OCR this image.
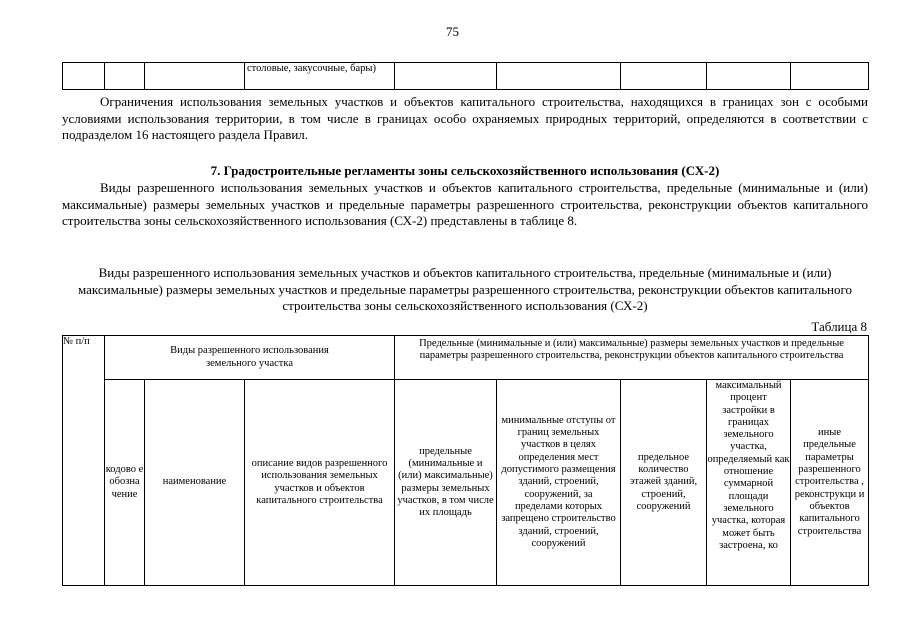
75
			столовые, закусочные, бары)					
Ограничения использования земельных участков и объектов капитального строительства, находящихся в границах зон с особыми условиями использования территории, в том числе в границах особо охраняемых природных территорий, определяются в соответствии с подразделом 16 настоящего раздела Правил.
7. Градостроительные регламенты зоны сельскохозяйственного использования (СХ-2)
Виды разрешенного использования земельных участков и объектов капитального строительства, предельные (минимальные и (или) максимальные) размеры земельных участков и предельные параметры разрешенного строительства, реконструкции объектов капитального строительства зоны сельскохозяйственного использования (СХ-2) представлены в таблице 8.
Виды разрешенного использования земельных участков и объектов капитального строительства, предельные (минимальные и (или) максимальные) размеры земельных участков и предельные параметры разрешенного строительства, реконструкции объектов капитального строительства зоны сельскохозяйственного использования (СХ-2)
Таблица 8
№ п/п	Виды разрешенного использования земельного участка			Предельные (минимальные и (или) максимальные) размеры земельных участков и предельные параметры разрешенного строительства, реконструкции объектов капитального строительства				
	кодово е обозна чение	наименование	описание видов разрешенного использования земельных участков и объектов капитального строительства	предельные (минимальные и (или) максимальные) размеры земельных участков, в том числе их площадь	минимальные отступы от границ земельных участков в целях определения мест допустимого размещения зданий, строений, сооружений, за пределами которых запрещено строительство зданий, строений, сооружений	предельное количество этажей зданий, строений, сооружений	максимальный процент застройки в границах земельного участка, определяемый как отношение суммарной площади земельного участка, которая может быть застроена, ко	иные предельные параметры разрешенного строительства , реконструкци и объектов капитального строительства
